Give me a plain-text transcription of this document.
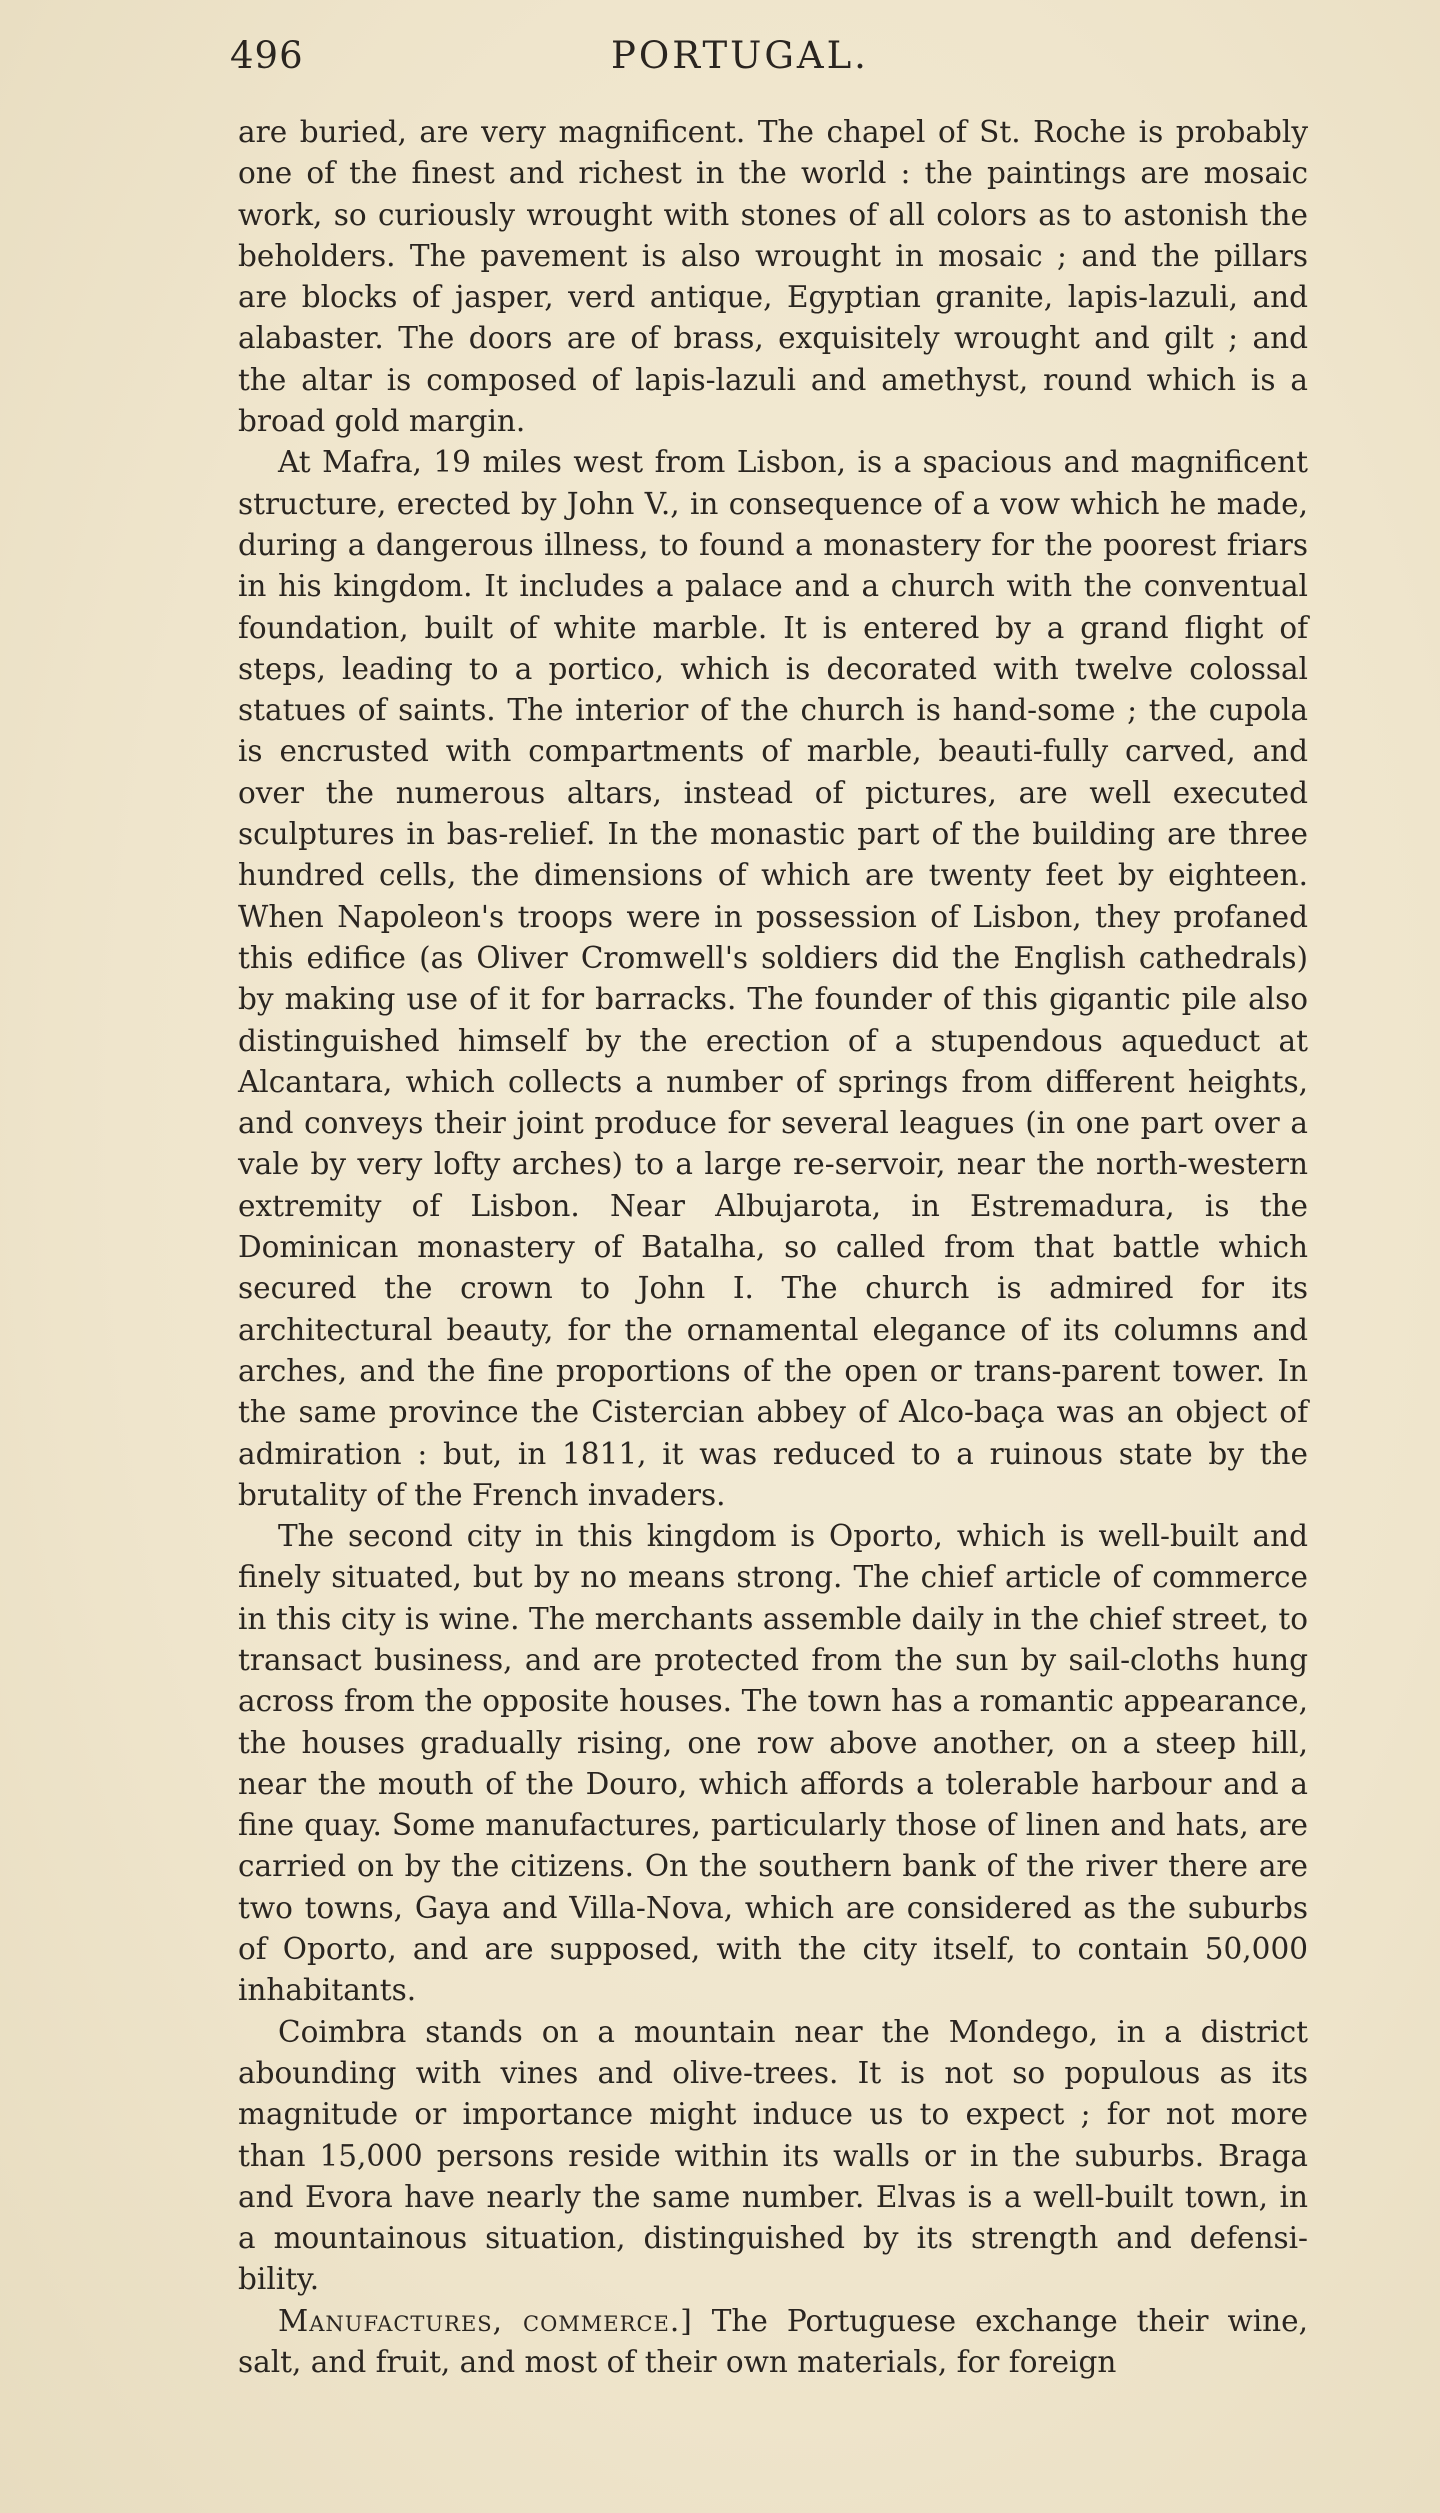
496	PORTUGAL.

are buried, are very magnificent. The chapel of St. Roche is probably one of the finest and richest in the world : the paintings are mosaic work, so curiously wrought with stones of all colors as to astonish the beholders. The pavement is also wrought in mosaic ; and the pillars are blocks of jasper, verd antique, Egyptian granite, lapis-lazuli, and alabaster. The doors are of brass, exquisitely wrought and gilt ; and the altar is composed of lapis-lazuli and amethyst, round which is a broad gold margin.

At Mafra, 19 miles west from Lisbon, is a spacious and magnificent structure, erected by John V., in consequence of a vow which he made, during a dangerous illness, to found a monastery for the poorest friars in his kingdom. It includes a palace and a church with the conventual foundation, built of white marble. It is entered by a grand flight of steps, leading to a portico, which is decorated with twelve colossal statues of saints. The interior of the church is hand-some ; the cupola is encrusted with compartments of marble, beauti-fully carved, and over the numerous altars, instead of pictures, are well executed sculptures in bas-relief. In the monastic part of the building are three hundred cells, the dimensions of which are twenty feet by eighteen. When Napoleon's troops were in possession of Lisbon, they profaned this edifice (as Oliver Cromwell's soldiers did the English cathedrals) by making use of it for barracks. The founder of this gigantic pile also distinguished himself by the erection of a stupendous aqueduct at Alcantara, which collects a number of springs from different heights, and conveys their joint produce for several leagues (in one part over a vale by very lofty arches) to a large re-servoir, near the north-western extremity of Lisbon. Near Albujarota, in Estremadura, is the Dominican monastery of Batalha, so called from that battle which secured the crown to John I. The church is admired for its architectural beauty, for the ornamental elegance of its columns and arches, and the fine proportions of the open or trans-parent tower. In the same province the Cistercian abbey of Alco-baça was an object of admiration : but, in 1811, it was reduced to a ruinous state by the brutality of the French invaders.

The second city in this kingdom is Oporto, which is well-built and finely situated, but by no means strong. The chief article of commerce in this city is wine. The merchants assemble daily in the chief street, to transact business, and are protected from the sun by sail-cloths hung across from the opposite houses. The town has a romantic appearance, the houses gradually rising, one row above another, on a steep hill, near the mouth of the Douro, which affords a tolerable harbour and a fine quay. Some manufactures, particularly those of linen and hats, are carried on by the citizens. On the southern bank of the river there are two towns, Gaya and Villa-Nova, which are considered as the suburbs of Oporto, and are supposed, with the city itself, to contain 50,000 inhabitants.

Coimbra stands on a mountain near the Mondego, in a district abounding with vines and olive-trees. It is not so populous as its magnitude or importance might induce us to expect ; for not more than 15,000 persons reside within its walls or in the suburbs. Braga and Evora have nearly the same number. Elvas is a well-built town, in a mountainous situation, distinguished by its strength and defensi-bility.

Manufactures, commerce.] The Portuguese exchange their wine, salt, and fruit, and most of their own materials, for foreign
